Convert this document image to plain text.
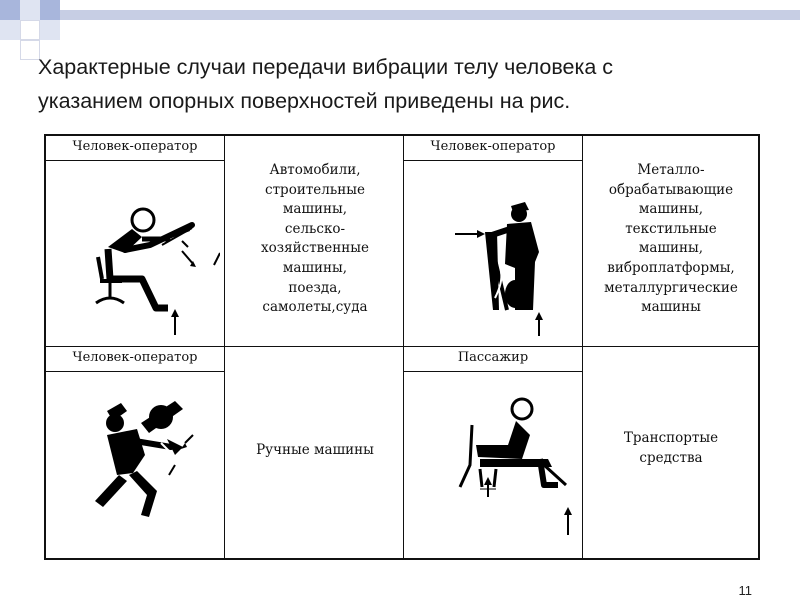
Характерные случаи передачи вибрации телу человека с
указанием опорных поверхностей приведены на рис.
Человек-оператор	Человек-оператор
Человек-оператор	Пассажир
Автомобили,
строительные
машины,
сельско-
хозяйственные
машины,
поезда,
самолеты,суда
Металло-
обрабатывающие
машины,
текстильные
машины,
виброплатформы,
металлургические
машины
Ручные машины
Транспортые
средства
11
